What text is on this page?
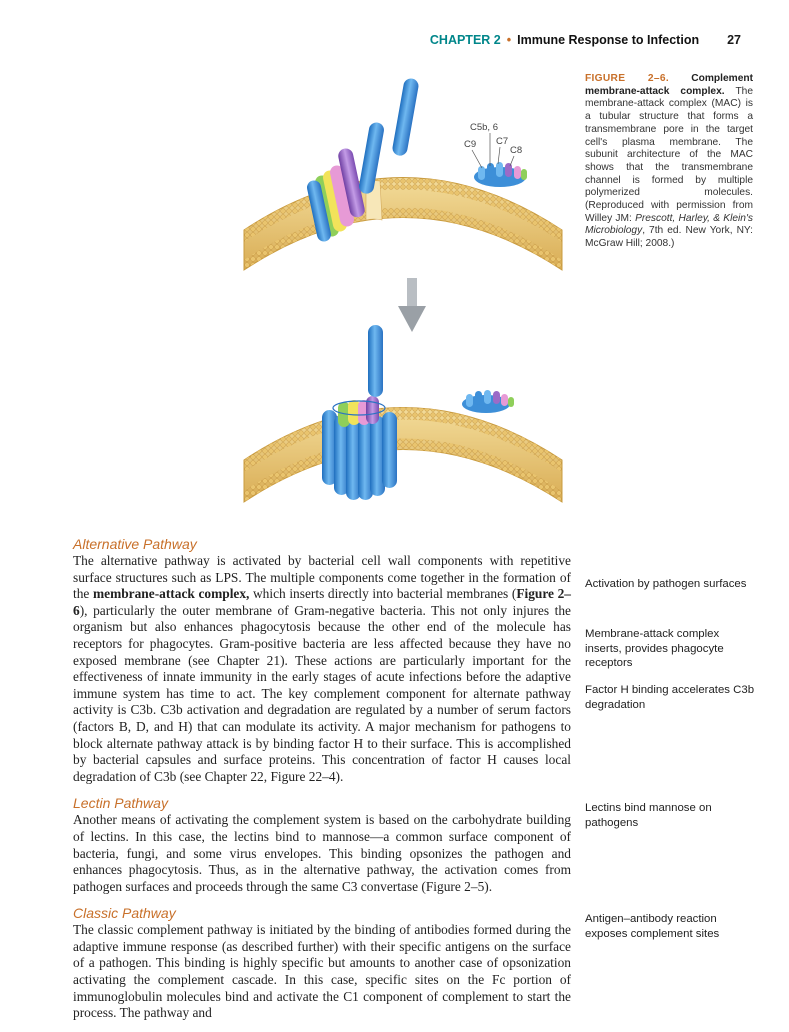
CHAPTER 2 • Immune Response to Infection 27
C5b, 6
C9 C7
C8
FIGURE 2–6. Complement membrane-attack complex. The membrane-attack complex (MAC) is a tubular structure that forms a transmembrane pore in the target cell's plasma membrane. The subunit architecture of the MAC shows that the transmembrane channel is formed by multiple polymerized molecules. (Reproduced with permission from Willey JM: Prescott, Harley, & Klein's Microbiology, 7th ed. New York, NY: McGraw Hill; 2008.)
Alternative Pathway

The alternative pathway is activated by bacterial cell wall components with repetitive surface structures such as LPS. The multiple components come together in the formation of the membrane-attack complex, which inserts directly into bacterial membranes (Figure 2–6), particularly the outer membrane of Gram-negative bacteria. This not only injures the organism but also enhances phagocytosis because the other end of the molecule has receptors for phagocytes. Gram-positive bacteria are less affected because they have no exposed membrane (see Chapter 21). These actions are particularly important for the effectiveness of innate immunity in the early stages of acute infections before the adaptive immune system has time to act. The key complement component for alternate pathway activity is C3b. C3b activation and degradation are regulated by a number of serum factors (factors B, D, and H) that can modulate its activity. A major mechanism for pathogens to block alternate pathway attack is by binding factor H to their surface. This is accomplished by bacterial capsules and surface proteins. This concentration of factor H causes local degradation of C3b (see Chapter 22, Figure 22–4).

Lectin Pathway

Another means of activating the complement system is based on the carbohydrate building of lectins. In this case, the lectins bind to mannose—a common surface component of bacteria, fungi, and some virus envelopes. This binding opsonizes the pathogen and enhances phagocytosis. Thus, as in the alternative pathway, the activation comes from pathogen surfaces and proceeds through the same C3 convertase (Figure 2–5).

Classic Pathway

The classic complement pathway is initiated by the binding of antibodies formed during the adaptive immune response (as described further) with their specific antigens on the surface of a pathogen. This binding is highly specific but amounts to another case of opsonization activating the complement cascade. In this case, specific sites on the Fc portion of immunoglobulin molecules bind and activate the C1 component of complement to start the process. The pathway and

Activation by pathogen surfaces
Membrane-attack complex inserts, provides phagocyte receptors
Factor H binding accelerates C3b degradation
Lectins bind mannose on pathogens
Antigen–antibody reaction exposes complement sites
